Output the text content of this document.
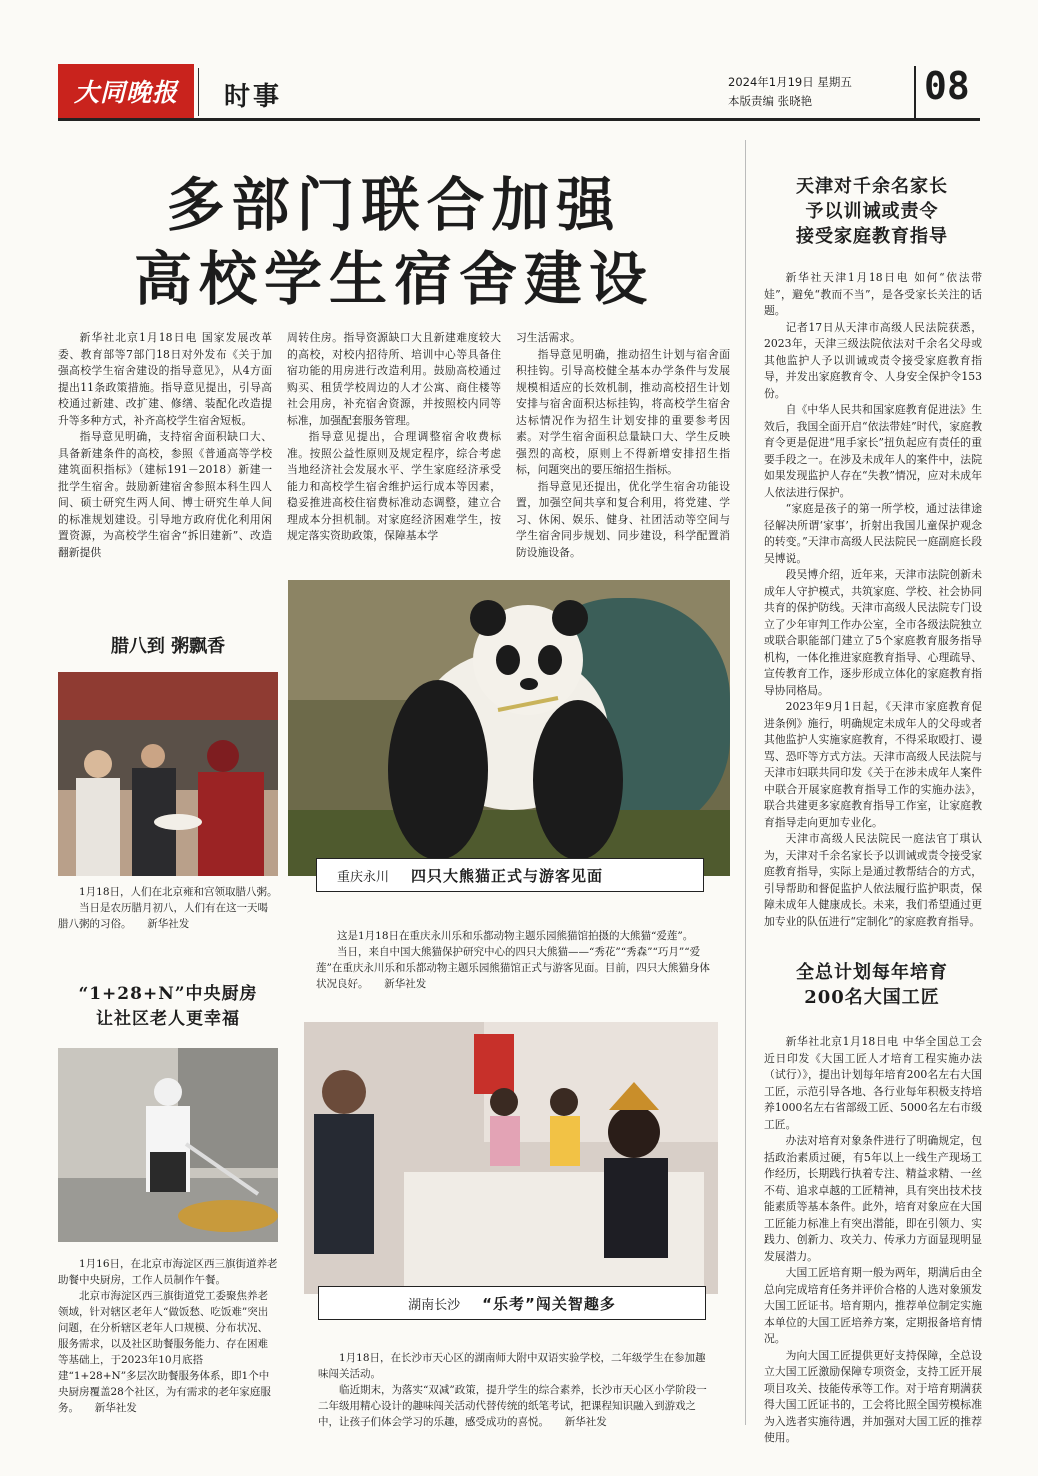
大同晚报 时事	2024年1月19日 星期五
本版责编 张晓艳	08
多部门联合加强
高校学生宿舍建设

新华社北京1月18日电 国家发展改革委、教育部等7部门18日对外发布《关于加强高校学生宿舍建设的指导意见》，从4方面提出11条政策措施。指导意见提出，引导高校通过新建、改扩建、修缮、装配化改造提升等多种方式，补齐高校学生宿舍短板。

指导意见明确，支持宿舍面积缺口大、具备新建条件的高校，参照《普通高等学校建筑面积指标》（建标191－2018）新建一批学生宿舍。鼓励新建宿舍参照本科生四人间、硕士研究生两人间、博士研究生单人间的标准规划建设。引导地方政府优化利用闲置资源，为高校学生宿舍“拆旧建新”、改造翻新提供

周转住房。指导资源缺口大且新建难度较大的高校，对校内招待所、培训中心等具备住宿功能的用房进行改造利用。鼓励高校通过购买、租赁学校周边的人才公寓、商住楼等社会用房，补充宿舍资源，并按照校内同等标准，加强配套服务管理。

指导意见提出，合理调整宿舍收费标准。按照公益性原则及规定程序，综合考虑当地经济社会发展水平、学生家庭经济承受能力和高校学生宿舍维护运行成本等因素，稳妥推进高校住宿费标准动态调整，建立合理成本分担机制。对家庭经济困难学生，按规定落实资助政策，保障基本学

习生活需求。

指导意见明确，推动招生计划与宿舍面积挂钩。引导高校健全基本办学条件与发展规模相适应的长效机制，推动高校招生计划安排与宿舍面积达标挂钩，将高校学生宿舍达标情况作为招生计划安排的重要参考因素。对学生宿舍面积总量缺口大、学生反映强烈的高校，原则上不得新增安排招生指标，问题突出的要压缩招生指标。

指导意见还提出，优化学生宿舍功能设置，加强空间共享和复合利用，将党建、学习、休闲、娱乐、健身、社团活动等空间与学生宿舍同步规划、同步建设，科学配置消防设施设备。

腊八到 粥飘香

1月18日，人们在北京雍和宫领取腊八粥。

当日是农历腊月初八，人们有在这一天喝腊八粥的习俗。　　新华社发

重庆永川 四只大熊猫正式与游客见面

这是1月18日在重庆永川乐和乐都动物主题乐园熊猫馆拍摄的大熊猫“爱莲”。

当日，来自中国大熊猫保护研究中心的四只大熊猫——“秀花”“秀森”“巧月”“爱莲”在重庆永川乐和乐都动物主题乐园熊猫馆正式与游客见面。目前，四只大熊猫身体状况良好。　　新华社发

“1+28+N”中央厨房
让社区老人更幸福

1月16日，在北京市海淀区西三旗街道养老助餐中央厨房，工作人员制作午餐。

北京市海淀区西三旗街道党工委聚焦养老领域，针对辖区老年人“做饭愁、吃饭难”突出问题，在分析辖区老年人口规模、分布状况、服务需求，以及社区助餐服务能力、存在困难等基础上，于2023年10月底搭建“1+28+N”多层次助餐服务体系，即1个中央厨房覆盖28个社区，为有需求的老年家庭服务。　　新华社发

湖南长沙 “乐考”闯关智趣多

1月18日，在长沙市天心区的湖南师大附中双语实验学校，二年级学生在参加趣味闯关活动。

临近期末，为落实“双减”政策，提升学生的综合素养，长沙市天心区小学阶段一二年级用精心设计的趣味闯关活动代替传统的纸笔考试，把课程知识融入到游戏之中，让孩子们体会学习的乐趣，感受成功的喜悦。　　新华社发

天津对千余名家长
予以训诫或责令
接受家庭教育指导

新华社天津1月18日电 如何“依法带娃”，避免“教而不当”，是各受家长关注的话题。

记者17日从天津市高级人民法院获悉，2023年，天津三级法院依法对千余名父母或其他监护人予以训诫或责令接受家庭教育指导，并发出家庭教育令、人身安全保护令153份。

自《中华人民共和国家庭教育促进法》生效后，我国全面开启“依法带娃”时代，家庭教育令更是促进“甩手家长”扭负起应有责任的重要手段之一。在涉及未成年人的案件中，法院如果发现监护人存在“失教”情况，应对未成年人依法进行保护。

“家庭是孩子的第一所学校，通过法律途径解决所谓‘家事’，折射出我国儿童保护观念的转变。”天津市高级人民法院民一庭副庭长段吴博说。

段吴博介绍，近年来，天津市法院创新未成年人守护模式，共筑家庭、学校、社会协同共育的保护防线。天津市高级人民法院专门设立了少年审判工作办公室，全市各级法院独立或联合职能部门建立了5个家庭教育服务指导机构，一体化推进家庭教育指导、心理疏导、宣传教育工作，逐步形成立体化的家庭教育指导协同格局。

2023年9月1日起，《天津市家庭教育促进条例》施行，明确规定未成年人的父母或者其他监护人实施家庭教育，不得采取殴打、谩骂、恐吓等方式方法。天津市高级人民法院与天津市妇联共同印发《关于在涉未成年人案件中联合开展家庭教育指导工作的实施办法》，联合共建更多家庭教育指导工作室，让家庭教育指导走向更加专业化。

天津市高级人民法院民一庭法官丁琪认为，天津对千余名家长予以训诫或责令接受家庭教育指导，实际上是通过教帮结合的方式，引导帮助和督促监护人依法履行监护职责，保障未成年人健康成长。未来，我们希望通过更加专业的队伍进行“定制化”的家庭教育指导。

全总计划每年培育
200名大国工匠

新华社北京1月18日电 中华全国总工会近日印发《大国工匠人才培育工程实施办法（试行）》，提出计划每年培育200名左右大国工匠，示范引导各地、各行业每年积极支持培养1000名左右省部级工匠、5000名左右市级工匠。

办法对培育对象条件进行了明确规定，包括政治素质过硬，有5年以上一线生产现场工作经历，长期践行执着专注、精益求精、一丝不苟、追求卓越的工匠精神，具有突出技术技能素质等基本条件。此外，培育对象应在大国工匠能力标准上有突出潜能，即在引领力、实践力、创新力、攻关力、传承力方面显现明显发展潜力。

大国工匠培育期一般为两年，期满后由全总向完成培育任务并评价合格的人选对象颁发大国工匠证书。培育期内，推荐单位制定实施本单位的大国工匠培养方案，定期报备培育情况。

为向大国工匠提供更好支持保障，全总设立大国工匠激励保障专项资金，支持工匠开展项目攻关、技能传承等工作。对于培育期满获得大国工匠证书的，工会将比照全国劳模标准为入选者实施待遇，并加强对大国工匠的推荐使用。
